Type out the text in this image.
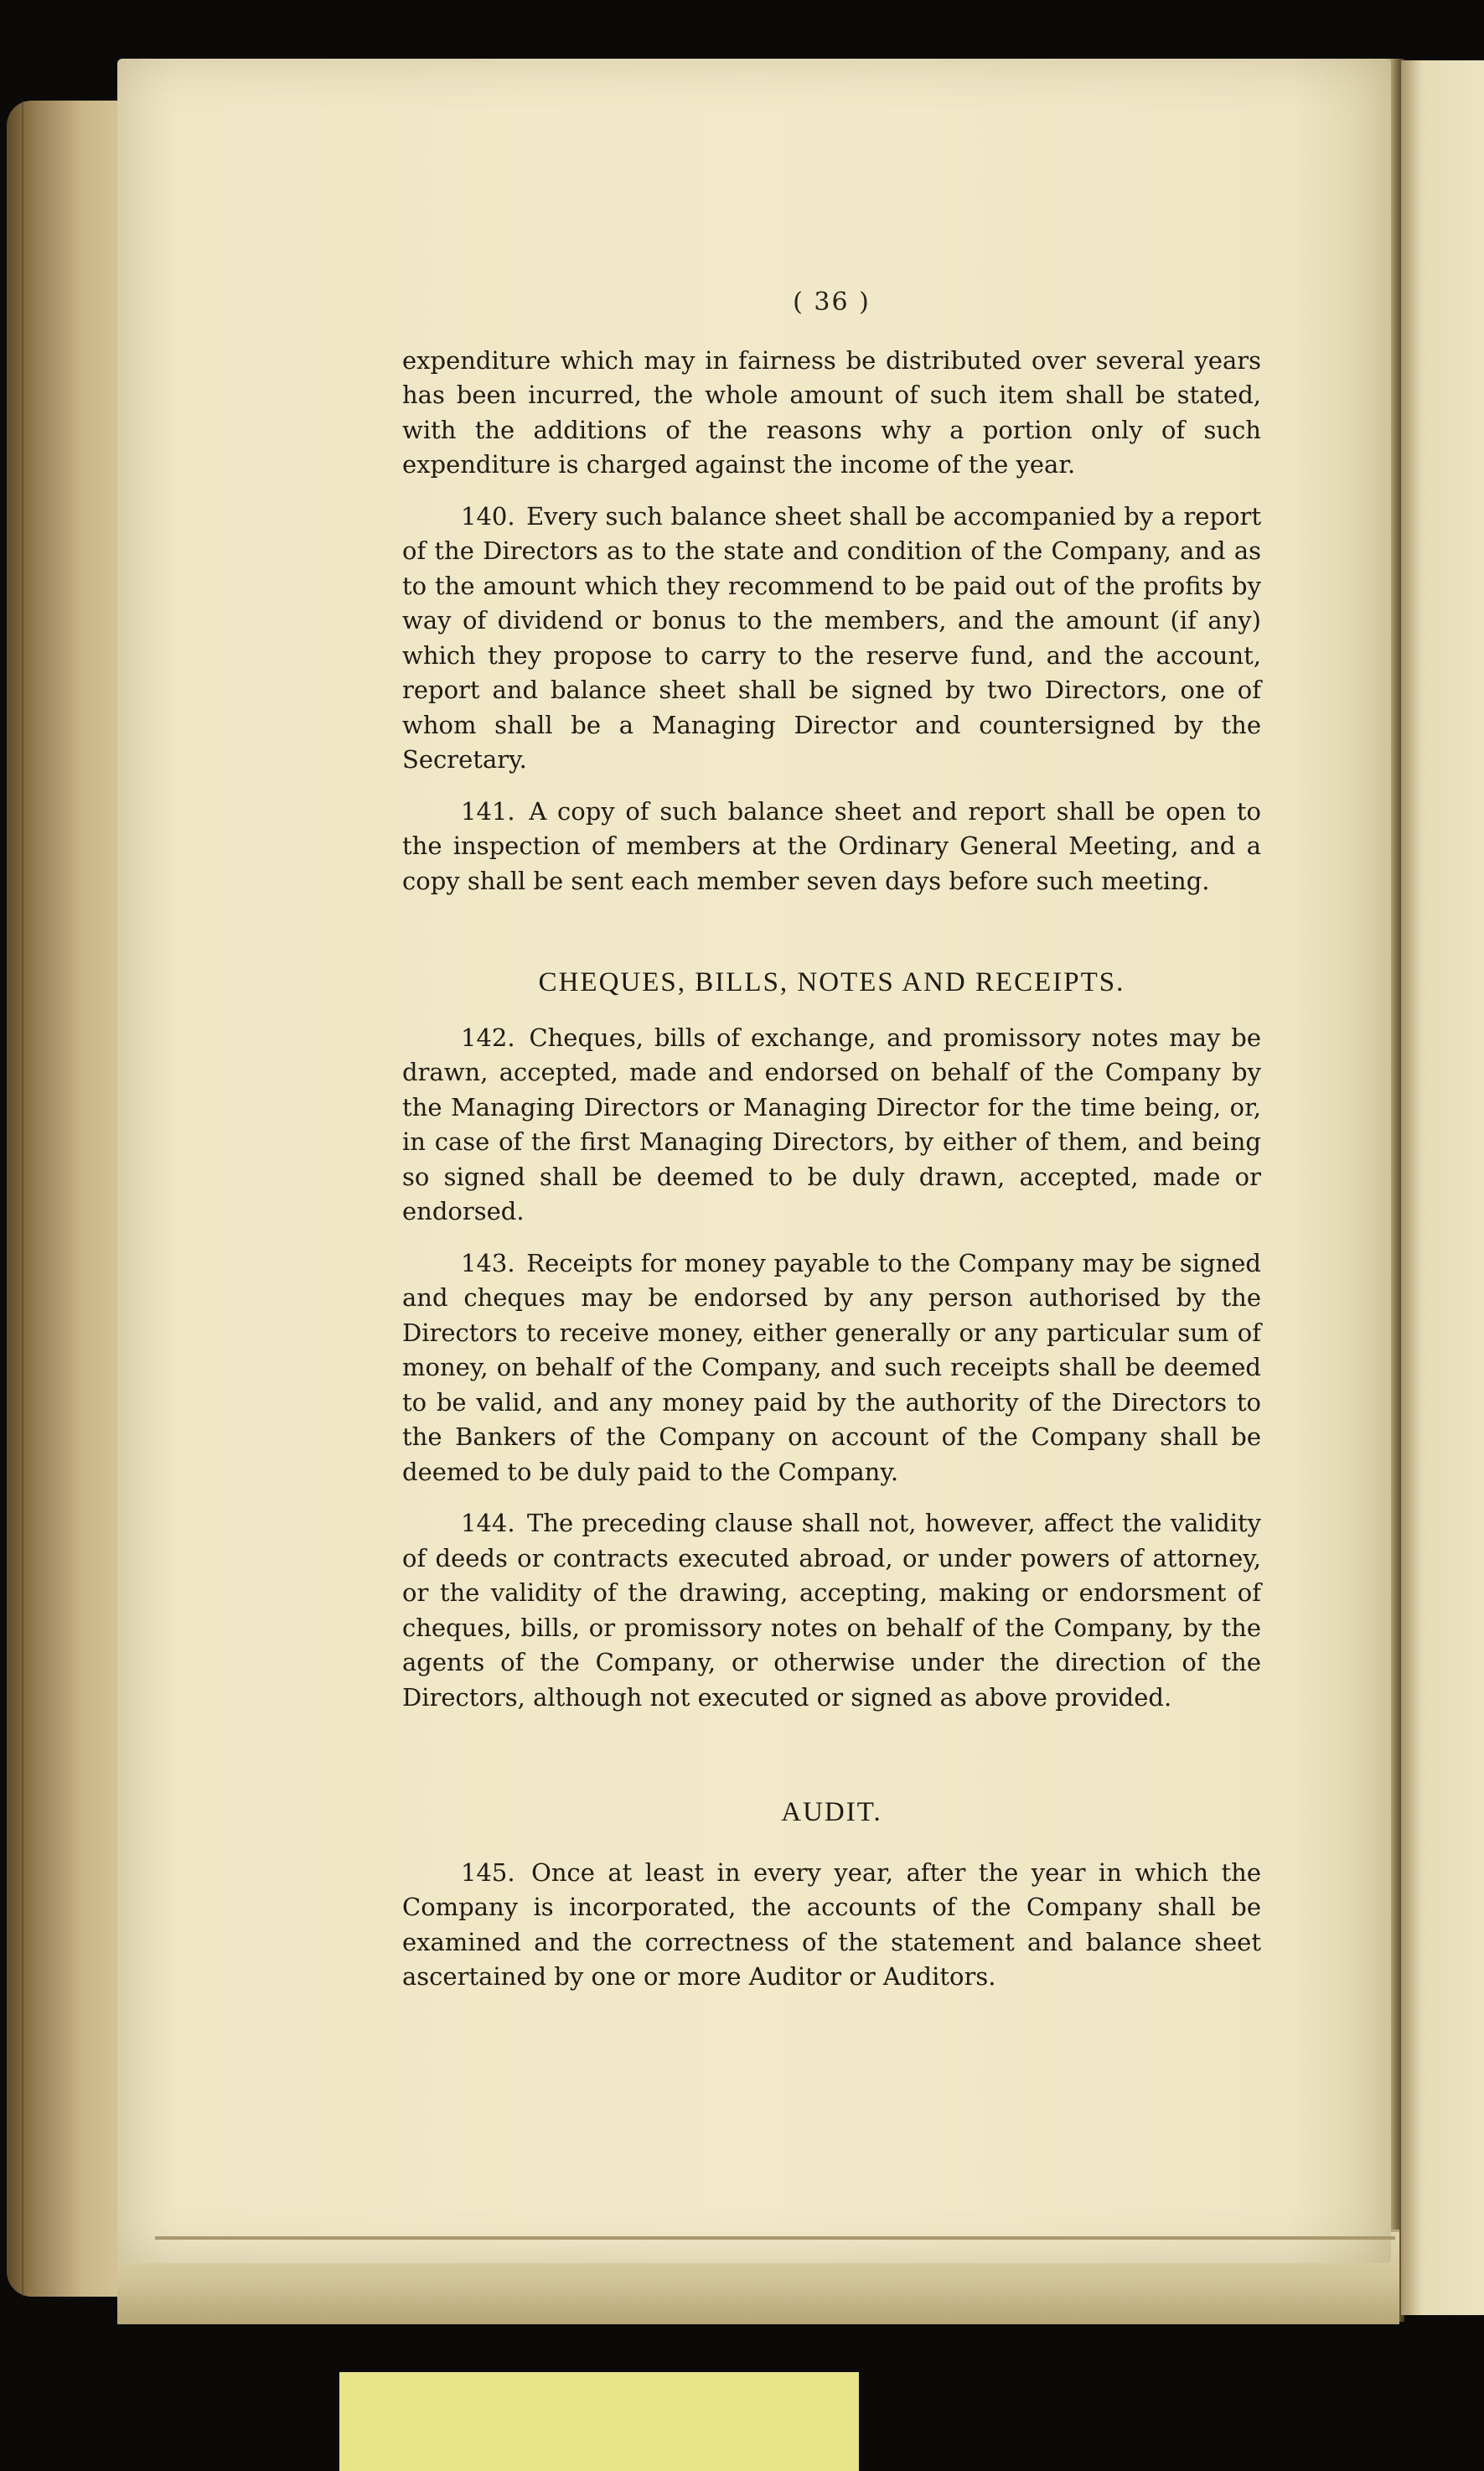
( 36 )

expenditure which may in fairness be distributed over several years has been incurred, the whole amount of such item shall be stated, with the additions of the reasons why a portion only of such expenditure is charged against the income of the year.

140. Every such balance sheet shall be accompanied by a report of the Directors as to the state and condition of the Company, and as to the amount which they recommend to be paid out of the profits by way of dividend or bonus to the members, and the amount (if any) which they propose to carry to the reserve fund, and the account, report and balance sheet shall be signed by two Directors, one of whom shall be a Managing Director and countersigned by the Secretary.

141. A copy of such balance sheet and report shall be open to the inspection of members at the Ordinary General Meeting, and a copy shall be sent each member seven days before such meeting.

CHEQUES, BILLS, NOTES AND RECEIPTS.

142. Cheques, bills of exchange, and promissory notes may be drawn, accepted, made and endorsed on behalf of the Company by the Managing Directors or Managing Director for the time being, or, in case of the first Managing Directors, by either of them, and being so signed shall be deemed to be duly drawn, accepted, made or endorsed.

143. Receipts for money payable to the Company may be signed and cheques may be endorsed by any person authorised by the Directors to receive money, either generally or any particular sum of money, on behalf of the Company, and such receipts shall be deemed to be valid, and any money paid by the authority of the Directors to the Bankers of the Company on account of the Company shall be deemed to be duly paid to the Company.

144. The preceding clause shall not, however, affect the validity of deeds or contracts executed abroad, or under powers of attorney, or the validity of the drawing, accepting, making or endorsment of cheques, bills, or promissory notes on behalf of the Company, by the agents of the Company, or otherwise under the direction of the Directors, although not executed or signed as above provided.

AUDIT.

145. Once at least in every year, after the year in which the Company is incorporated, the accounts of the Company shall be examined and the correctness of the statement and balance sheet ascertained by one or more Auditor or Auditors.
